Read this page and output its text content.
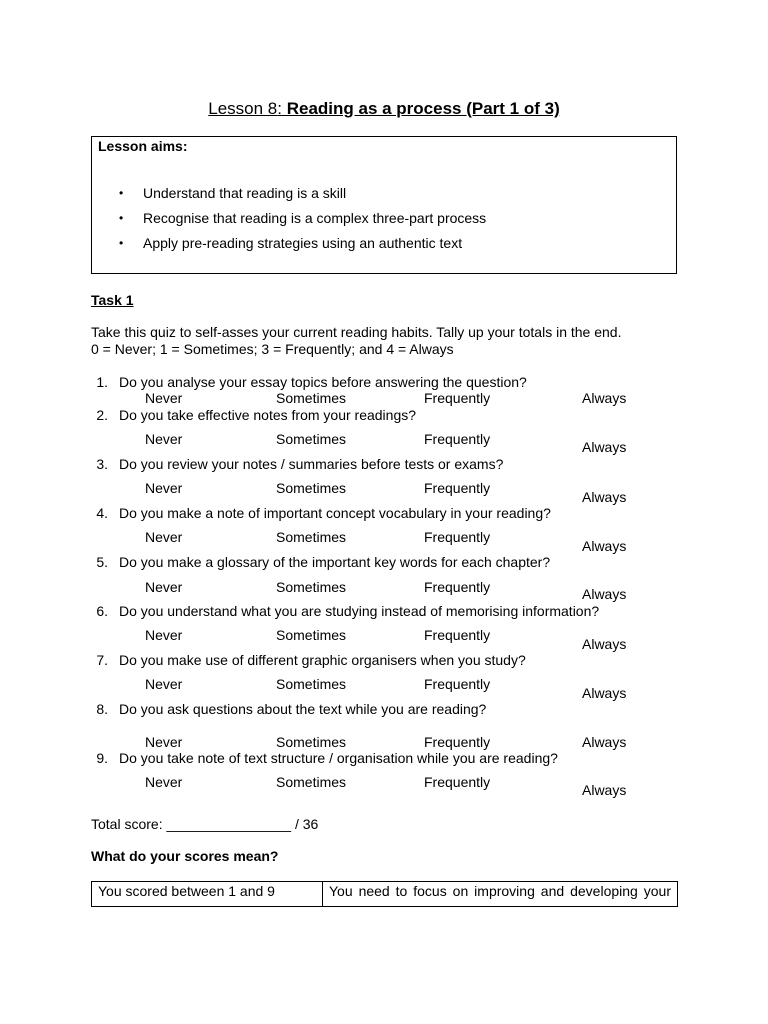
Lesson 8: Reading as a process (Part 1 of 3)
Lesson aims:
• Understand that reading is a skill
• Recognise that reading is a complex three-part process
• Apply pre-reading strategies using an authentic text
Task 1
Take this quiz to self-asses your current reading habits. Tally up your totals in the end.
0 = Never; 1 = Sometimes; 3 = Frequently; and 4 = Always
1. Do you analyse your essay topics before answering the question?
Never	Sometimes	Frequently	Always
2. Do you take effective notes from your readings?
Never	Sometimes	Frequently	Always
3. Do you review your notes / summaries before tests or exams?
Never	Sometimes	Frequently
Always
4. Do you make a note of important concept vocabulary in your reading?
Never	Sometimes	Frequently
Always
5. Do you make a glossary of the important key words for each chapter?
Never	Sometimes	Frequently	Always
6. Do you understand what you are studying instead of memorising information?
Never	Sometimes	Frequently
Always
7. Do you make use of different graphic organisers when you study?
Never	Sometimes	Frequently
Always
8. Do you ask questions about the text while you are reading?
Never	Sometimes	Frequently	Always
9. Do you take note of text structure / organisation while you are reading?
Never	Sometimes	Frequently	Always
Total score: ________________ / 36
What do your scores mean?
You scored between 1 and 9	You need to focus on improving and developing your
